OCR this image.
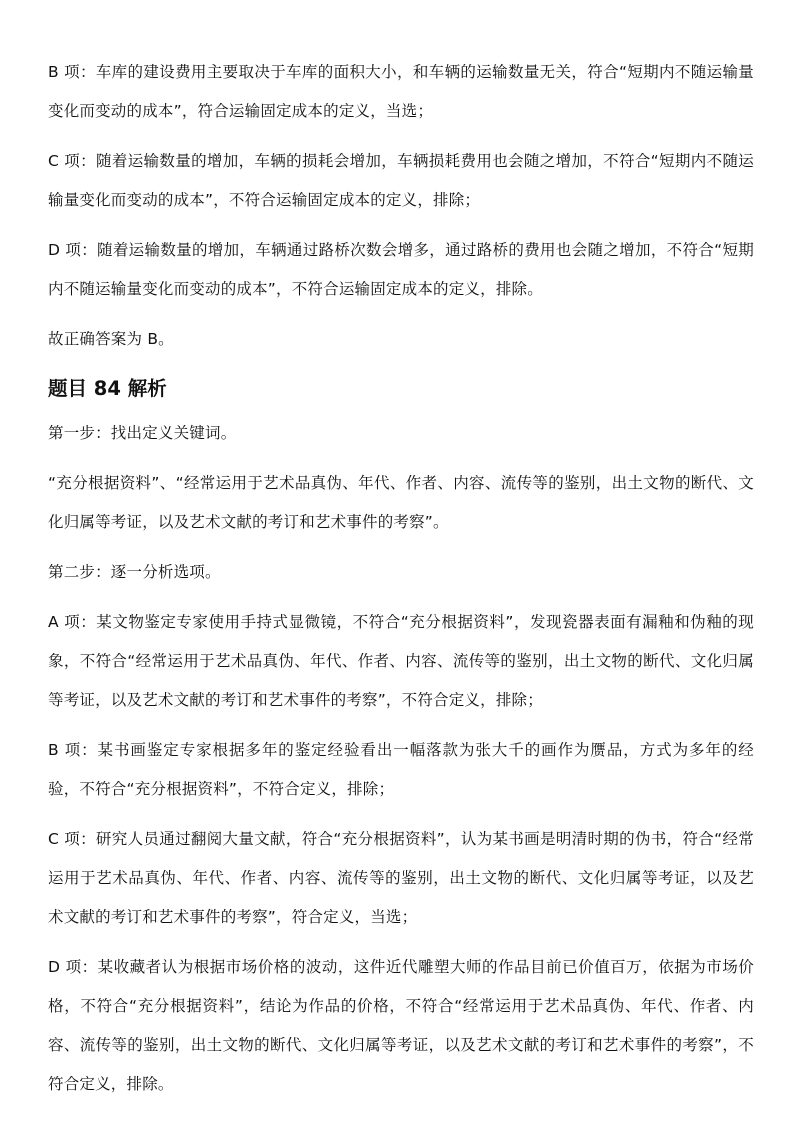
B 项：车库的建设费用主要取决于车库的面积大小，和车辆的运输数量无关，符合“短期内不随运输量变化而变动的成本”，符合运输固定成本的定义，当选；

C 项：随着运输数量的增加，车辆的损耗会增加，车辆损耗费用也会随之增加，不符合“短期内不随运输量变化而变动的成本”，不符合运输固定成本的定义，排除；

D 项：随着运输数量的增加，车辆通过路桥次数会增多，通过路桥的费用也会随之增加，不符合“短期内不随运输量变化而变动的成本”，不符合运输固定成本的定义，排除。

故正确答案为 B。

题目 84 解析

第一步：找出定义关键词。

“充分根据资料”、“经常运用于艺术品真伪、年代、作者、内容、流传等的鉴别，出土文物的断代、文化归属等考证，以及艺术文献的考订和艺术事件的考察”。

第二步：逐一分析选项。

A 项：某文物鉴定专家使用手持式显微镜，不符合“充分根据资料”，发现瓷器表面有漏釉和伪釉的现象，不符合“经常运用于艺术品真伪、年代、作者、内容、流传等的鉴别，出土文物的断代、文化归属等考证，以及艺术文献的考订和艺术事件的考察”，不符合定义，排除；

B 项：某书画鉴定专家根据多年的鉴定经验看出一幅落款为张大千的画作为赝品，方式为多年的经验，不符合“充分根据资料”，不符合定义，排除；

C 项：研究人员通过翻阅大量文献，符合“充分根据资料”，认为某书画是明清时期的伪书，符合“经常运用于艺术品真伪、年代、作者、内容、流传等的鉴别，出土文物的断代、文化归属等考证，以及艺术文献的考订和艺术事件的考察”，符合定义，当选；

D 项：某收藏者认为根据市场价格的波动，这件近代雕塑大师的作品目前已价值百万，依据为市场价格，不符合“充分根据资料”，结论为作品的价格，不符合“经常运用于艺术品真伪、年代、作者、内容、流传等的鉴别，出土文物的断代、文化归属等考证，以及艺术文献的考订和艺术事件的考察”，不符合定义，排除。
